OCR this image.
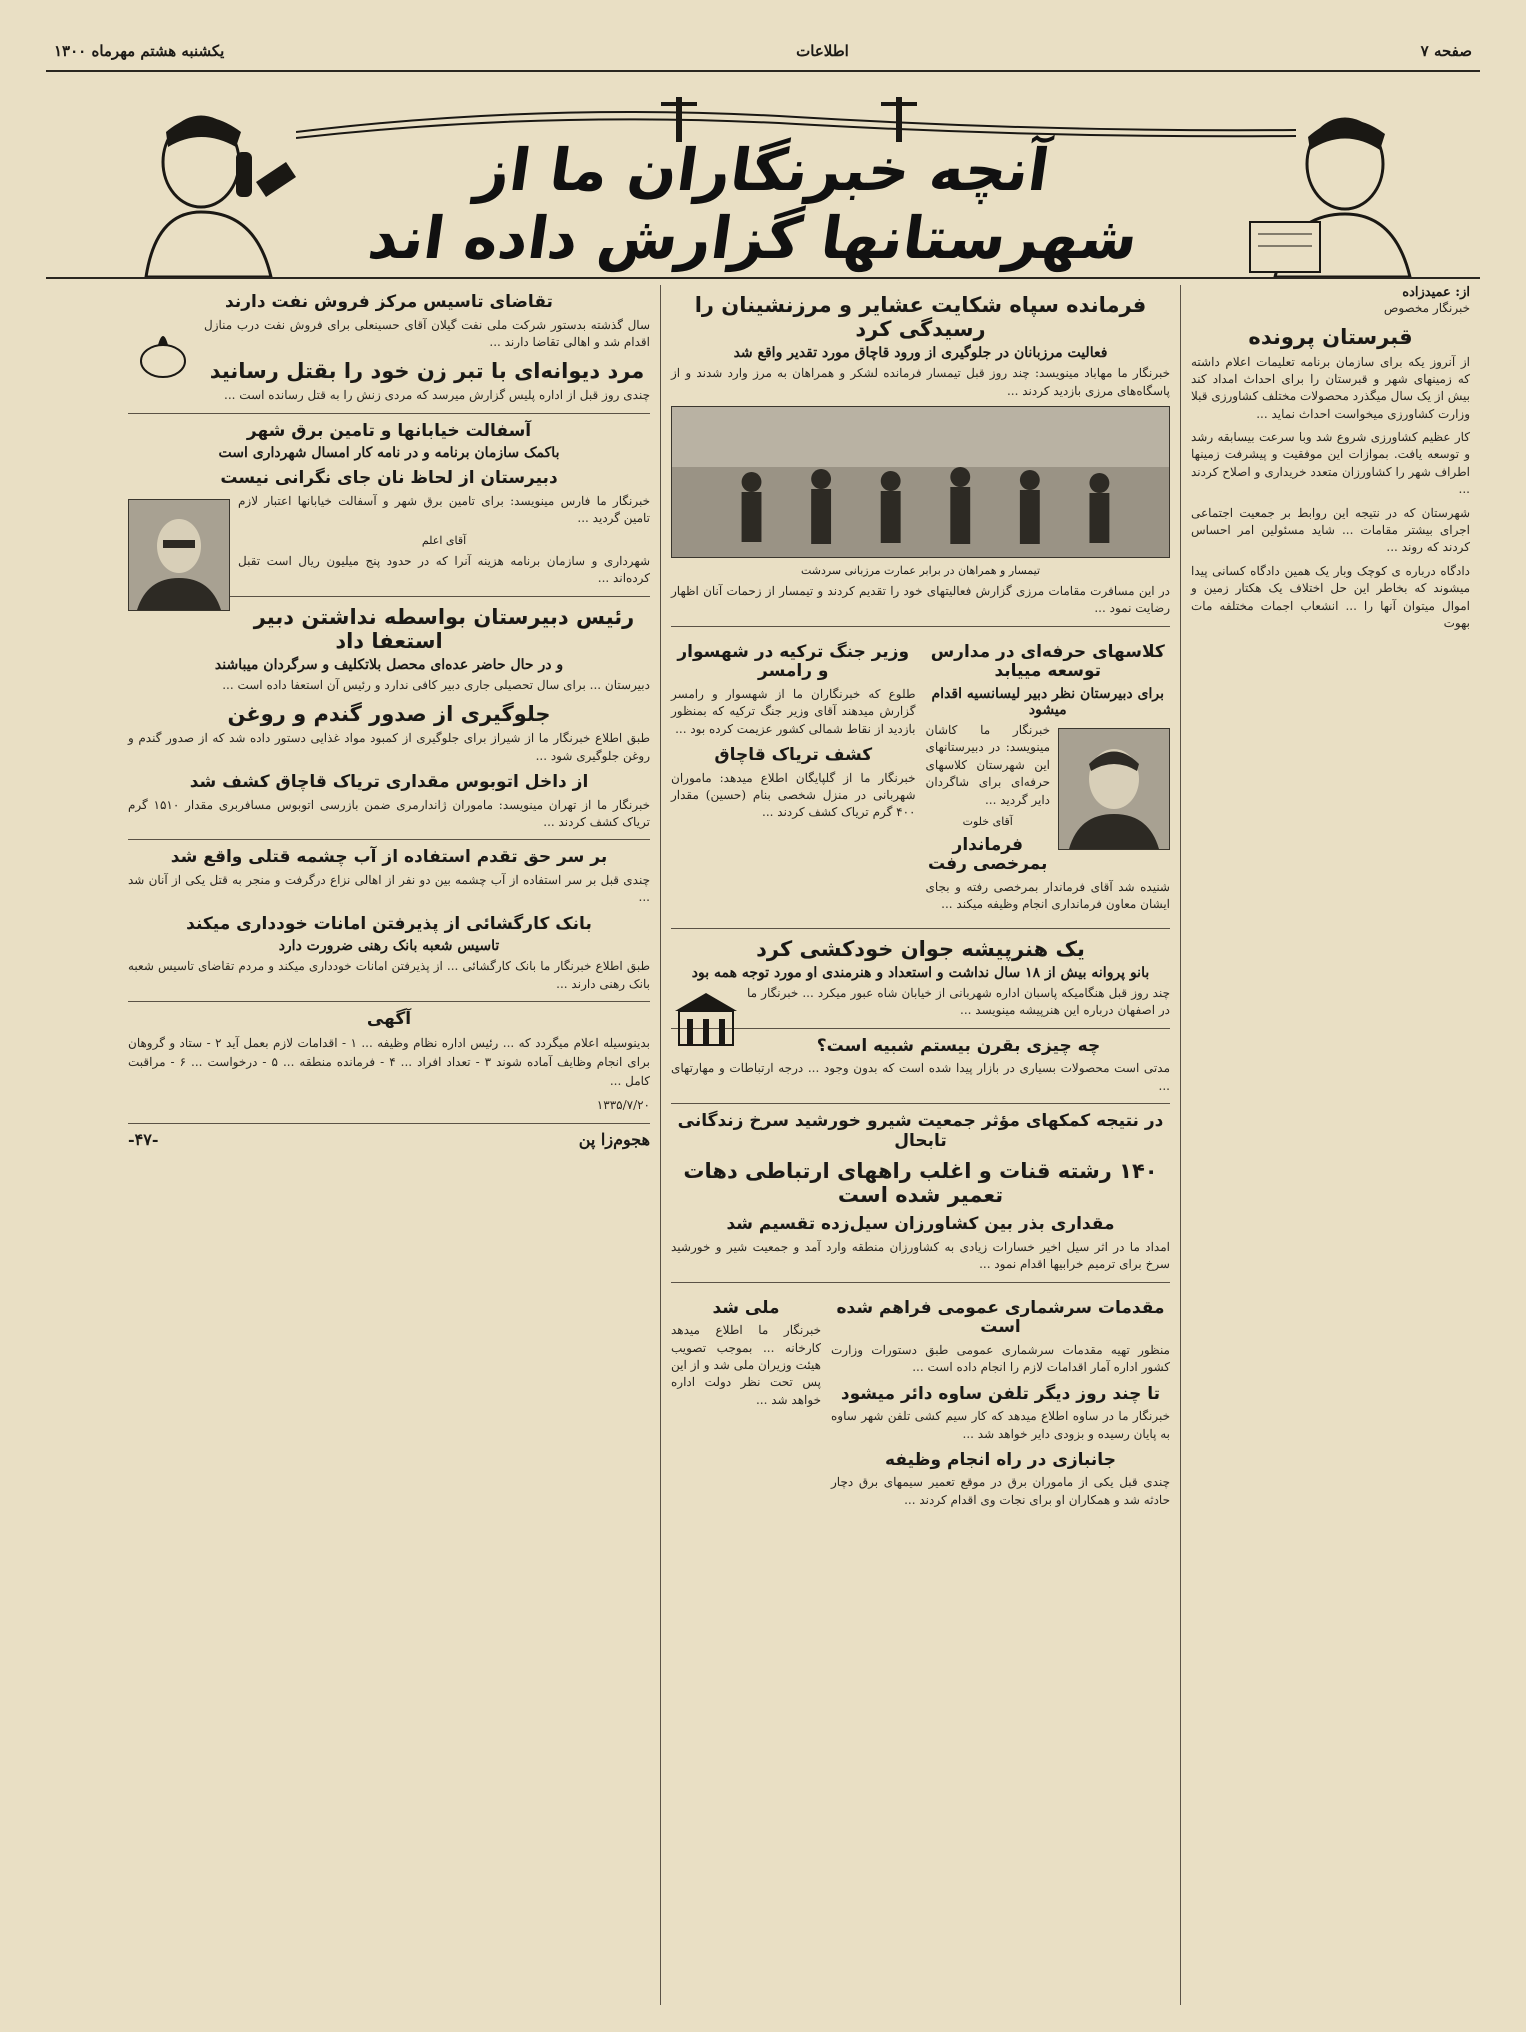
صفحه ۷
اطلاعات
یکشنبه هشتم مهرماه ۱۳۰۰
آنچه خبرنگاران ما از شهرستانها گزارش داده اند
از: عمیدزاده
خبرنگار مخصوص
قبرستان پرونده

از آنروز یکه برای سازمان برنامه تعلیمات اعلام داشته که زمینهای شهر و قبرستان را برای احداث امداد کند بیش از یک سال میگذرد محصولات مختلف کشاورزی قبلا وزارت کشاورزی میخواست احداث نماید ...

کار عظیم کشاورزی شروع شد وبا سرعت بیسابقه رشد و توسعه یافت. بموازات این موفقیت و پیشرفت زمینها اطراف شهر را کشاورزان متعدد خریداری و اصلاح کردند ...

شهرستان که در نتیجه این روابط بر جمعیت اجتماعی اجرای بیشتر مقامات ... شاید مسئولین امر احساس کردند که روند ...

دادگاه درباره ی کوچک وبار یک همین دادگاه کسانی پیدا میشوند که بخاطر این حل اختلاف یک هکتار زمین و اموال میتوان آنها را ... انشعاب اجمات مختلفه مات بهوت

فرمانده سپاه شکایت عشایر و مرزنشینان را رسیدگی کرد
فعالیت مرزبانان در جلوگیری از ورود قاچاق مورد تقدیر واقع شد

خبرنگار ما مهاباد مینویسد: چند روز قبل تیمسار فرمانده لشکر و همراهان به مرز وارد شدند و از پاسگاه‌های مرزی بازدید کردند ...

تیمسار و همراهان در برابر عمارت مرزبانی سردشت

در این مسافرت مقامات مرزی گزارش فعالیتهای خود را تقدیم کردند و تیمسار از زحمات آنان اظهار رضایت نمود ...

کلاسهای حرفه‌ای در مدارس توسعه مییابد
برای دبیرستان نظر دبیر لیسانسیه اقدام میشود

خبرنگار ما کاشان مینویسد: در دبیرستانهای این شهرستان کلاسهای حرفه‌ای برای شاگردان دایر گردید ...

آقای خلوت
فرماندار بمرخصی رفت

شنیده شد آقای فرماندار بمرخصی رفته و بجای ایشان معاون فرمانداری انجام وظیفه میکند ...

وزیر جنگ ترکیه در شهسوار و رامسر

طلوع که خبرنگاران ما از شهسوار و رامسر گزارش میدهند آقای وزیر جنگ ترکیه که بمنظور بازدید از نقاط شمالی کشور عزیمت کرده بود ...

کشف تریاک قاچاق

خبرنگار ما از گلپایگان اطلاع میدهد: ماموران شهربانی در منزل شخصی بنام (حسین) مقدار ۴۰۰ گرم تریاک کشف کردند ...

یک هنرپیشه جوان خودکشی کرد
بانو پروانه بیش از ۱۸ سال نداشت و استعداد و هنرمندی او مورد توجه همه بود

چند روز قبل هنگامیکه پاسبان اداره شهربانی از خیابان شاه عبور میکرد ... خبرنگار ما در اصفهان درباره این هنرپیشه مینویسد ...

چه چیزی بقرن بیستم شبیه است؟

مدتی است محصولات بسیاری در بازار پیدا شده است که بدون وجود ... درجه ارتباطات و مهارتهای ...

در نتیجه کمکهای مؤثر جمعیت شیرو خورشید سرخ زندگانی تابحال
۱۴۰ رشته قنات و اغلب راههای ارتباطی دهات تعمیر شده است
مقداری بذر بین کشاورزان سیل‌زده تقسیم شد

امداد ما در اثر سیل اخیر خسارات زیادی به کشاورزان منطقه وارد آمد و جمعیت شیر و خورشید سرخ برای ترمیم خرابیها اقدام نمود ...

مقدمات سرشماری عمومی فراهم شده است

منظور تهیه مقدمات سرشماری عمومی طبق دستورات وزارت کشور اداره آمار اقدامات لازم را انجام داده است ...

تا چند روز دیگر تلفن ساوه دائر میشود

خبرنگار ما در ساوه اطلاع میدهد که کار سیم کشی تلفن شهر ساوه به پایان رسیده و بزودی دایر خواهد شد ...

جانبازی در راه انجام وظیفه

چندی قبل یکی از ماموران برق در موقع تعمیر سیمهای برق دچار حادثه شد و همکاران او برای نجات وی اقدام کردند ...

ملی شد

خبرنگار ما اطلاع میدهد کارخانه ... بموجب تصویب هیئت وزیران ملی شد و از این پس تحت نظر دولت اداره خواهد شد ...

تقاضای تاسیس مرکز فروش نفت دارند

سال گذشته بدستور شرکت ملی نفت گیلان آقای حسینعلی برای فروش نفت درب منازل اقدام شد و اهالی تقاضا دارند ...

مرد دیوانه‌ای با تبر زن خود را بقتل رسانید

چندی روز قبل از اداره پلیس گزارش میرسد که مردی زنش را به قتل رسانده است ...

آسفالت خیابانها و تامین برق شهر
باکمک سازمان برنامه و در نامه کار امسال شهرداری است
دبیرستان از لحاظ نان جای نگرانی نیست

خبرنگار ما فارس مینویسد: برای تامین برق شهر و آسفالت خیابانها اعتبار لازم تامین گردید ...

آقای اعلم

شهرداری و سازمان برنامه هزینه آنرا که در حدود پنج میلیون ریال است تقبل کرده‌اند ...

رئیس دبیرستان بواسطه نداشتن دبیر استعفا داد
و در حال حاضر عده‌ای محصل بلاتکلیف و سرگردان میباشند

دبیرستان ... برای سال تحصیلی جاری دبیر کافی ندارد و رئیس آن استعفا داده است ...

جلوگیری از صدور گندم و روغن

طبق اطلاع خبرنگار ما از شیراز برای جلوگیری از کمبود مواد غذایی دستور داده شد که از صدور گندم و روغن جلوگیری شود ...

از داخل اتوبوس مقداری تریاک قاچاق کشف شد

خبرنگار ما از تهران مینویسد: ماموران ژاندارمری ضمن بازرسی اتوبوس مسافربری مقدار ۱۵۱۰ گرم تریاک کشف کردند ...

بر سر حق تقدم استفاده از آب چشمه قتلی واقع شد

چندی قبل بر سر استفاده از آب چشمه بین دو نفر از اهالی نزاع درگرفت و منجر به قتل یکی از آنان شد ...

بانک کارگشائی از پذیرفتن امانات خودداری میکند
تاسیس شعبه بانک رهنی ضرورت دارد

طبق اطلاع خبرنگار ما بانک کارگشائی ... از پذیرفتن امانات خودداری میکند و مردم تقاضای تاسیس شعبه بانک رهنی دارند ...

آگهی

بدینوسیله اعلام میگردد که ... رئیس اداره نظام وظیفه ... ۱ - اقدامات لازم بعمل آید ۲ - ستاد و گروهان برای انجام وظایف آماده شوند ۳ - تعداد افراد ... ۴ - فرمانده منطقه ... ۵ - درخواست ... ۶ - مراقبت کامل ...

۱۳۳۵/۷/۲۰
هجوم‌زا پن
-۴۷-
